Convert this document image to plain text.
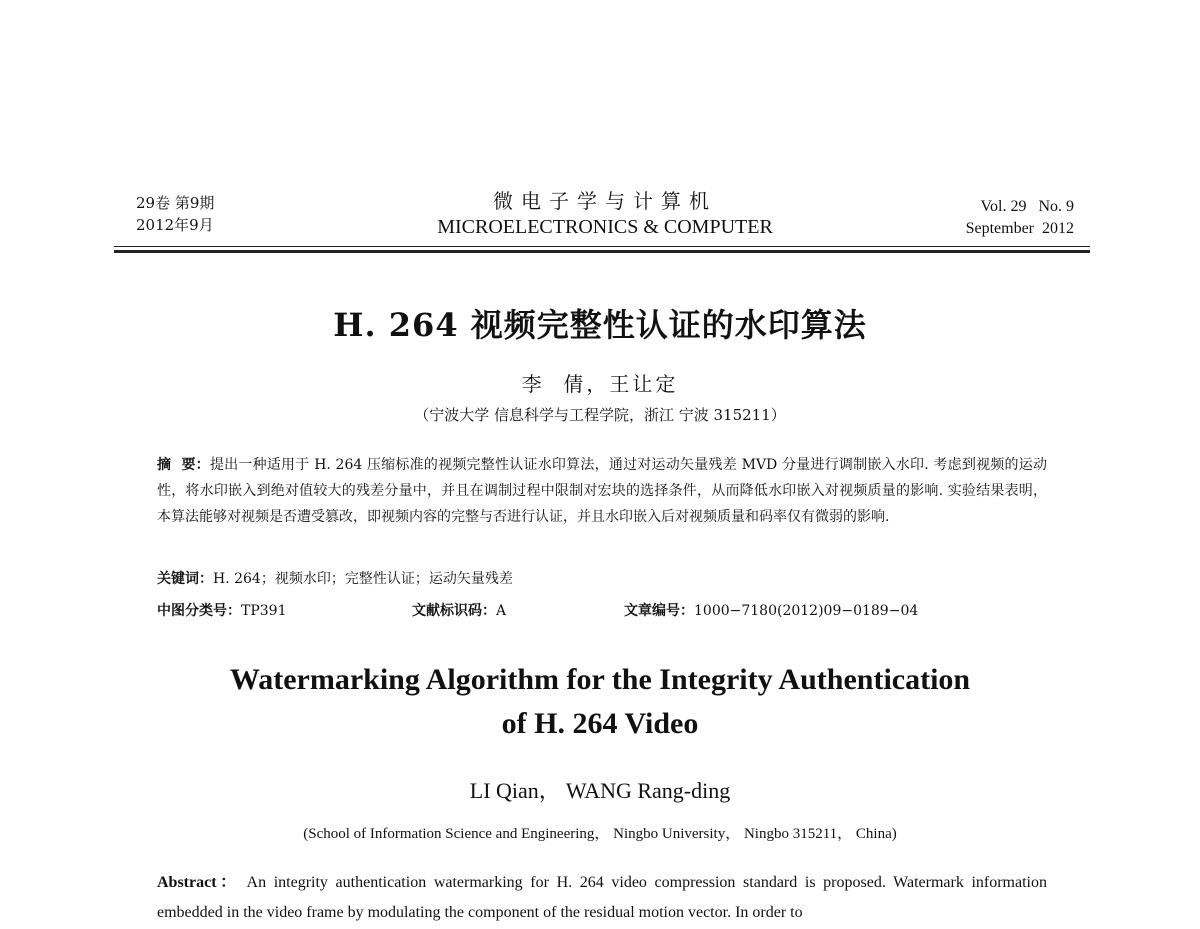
29卷 第9期
2012年9月
微电子学与计算机
MICROELECTRONICS & COMPUTER
Vol. 29   No. 9
September  2012
H. 264 视频完整性认证的水印算法
李  倩，王让定
（宁波大学 信息科学与工程学院，浙江 宁波 315211）
摘  要：提出一种适用于 H. 264 压缩标准的视频完整性认证水印算法，通过对运动矢量残差 MVD 分量进行调制嵌入水印. 考虑到视频的运动性，将水印嵌入到绝对值较大的残差分量中，并且在调制过程中限制对宏块的选择条件，从而降低水印嵌入对视频质量的影响. 实验结果表明，本算法能够对视频是否遭受篡改，即视频内容的完整与否进行认证，并且水印嵌入后对视频质量和码率仅有微弱的影响.
关键词：H. 264；视频水印；完整性认证；运动矢量残差
中图分类号：TP391	文献标识码：A	文章编号：1000−7180(2012)09−0189−04
Watermarking Algorithm for the Integrity Authentication
of H. 264 Video
LI Qian， WANG Rang-ding
(School of Information Science and Engineering， Ningbo University， Ningbo 315211， China)
Abstract： An integrity authentication watermarking for H. 264 video compression standard is proposed. Watermark information embedded in the video frame by modulating the component of the residual motion vector. In order to
